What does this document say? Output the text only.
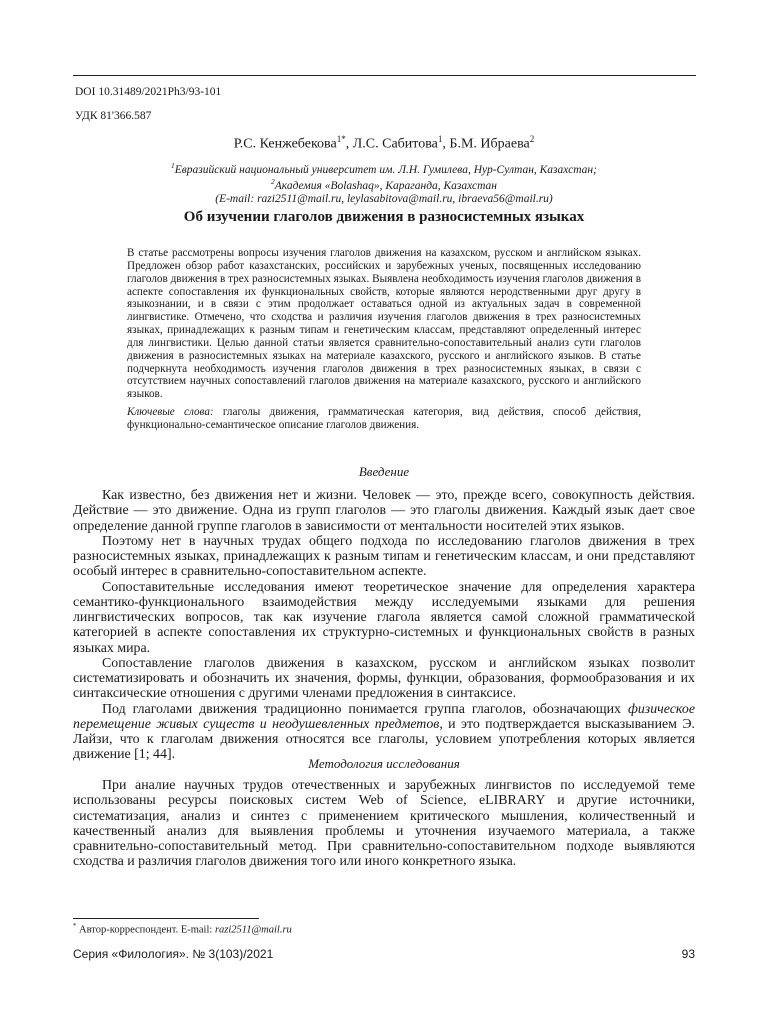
DOI 10.31489/2021Ph3/93-101
УДК 81'366.587
Р.С. Кенжебекова$^{1*}$, Л.С. Сабитова$^1$, Б.М. Ибраева$^2$
$^1$Евразийский национальный университет им. Л.Н. Гумилева, Нур-Султан, Казахстан;
$^2$Академия «Bolashaq», Караганда, Казахстан
(E-mail: razi2511@mail.ru, leylasabitova@mail.ru, ibraeva56@mail.ru)
Об изучении глаголов движения в разносистемных языках
В статье рассмотрены вопросы изучения глаголов движения на казахском, русском и английском языках. Предложен обзор работ казахстанских, российских и зарубежных ученых, посвященных исследованию глаголов движения в трех разносистемных языках. Выявлена необходимость изучения глаголов движения в аспекте сопоставления их функциональных свойств, которые являются неродственными друг другу в языкознании, и в связи с этим продолжает оставаться одной из актуальных задач в современной лингвистике. Отмечено, что сходства и различия изучения глаголов движения в трех разносистемных языках, принадлежащих к разным типам и генетическим классам, представляют определенный интерес для лингвистики. Целью данной статьи является сравнительно-сопоставительный анализ сути глаголов движения в разносистемных языках на материале казахского, русского и английского языков. В статье подчеркнута необходимость изучения глаголов движения в трех разносистемных языках, в связи с отсутствием научных сопоставлений глаголов движения на материале казахского, русского и английского языков.
Ключевые слова: глаголы движения, грамматическая категория, вид действия, способ действия, функционально-семантическое описание глаголов движения.
Введение

Как известно, без движения нет и жизни. Человек — это, прежде всего, совокупность действия. Действие — это движение. Одна из групп глаголов — это глаголы движения. Каждый язык дает свое определение данной группе глаголов в зависимости от ментальности носителей этих языков.

Поэтому нет в научных трудах общего подхода по исследованию глаголов движения в трех разносистемных языках, принадлежащих к разным типам и генетическим классам, и они представляют особый интерес в сравнительно-сопоставительном аспекте.

Сопоставительные исследования имеют теоретическое значение для определения характера семантико-функционального взаимодействия между исследуемыми языками для решения лингвистических вопросов, так как изучение глагола является самой сложной грамматической категорией в аспекте сопоставления их структурно-системных и функциональных свойств в разных языках мира.

Сопоставление глаголов движения в казахском, русском и английском языках позволит систематизировать и обозначить их значения, формы, функции, образования, формообразования и их синтаксические отношения с другими членами предложения в синтаксисе.

Под глаголами движения традиционно понимается группа глаголов, обозначающих физическое перемещение живых существ и неодушевленных предметов, и это подтверждается высказыванием Э. Лайзи, что к глаголам движения относятся все глаголы, условием употребления которых является движение [1; 44].

Методология исследования

При аналие научных трудов отечественных и зарубежных лингвистов по исследуемой теме использованы ресурсы поисковых систем Web of Science, eLIBRARY и другие источники, систематизация, анализ и синтез с применением критического мышления, количественный и качественный анализ для выявления проблемы и уточнения изучаемого материала, а также сравнительно-сопоставительный метод. При сравнительно-сопоставительном подходе выявляются сходства и различия глаголов движения того или иного конкретного языка.

* Автор-корреспондент. E-mail: razi2511@mail.ru
Серия «Филология». № 3(103)/2021	93
